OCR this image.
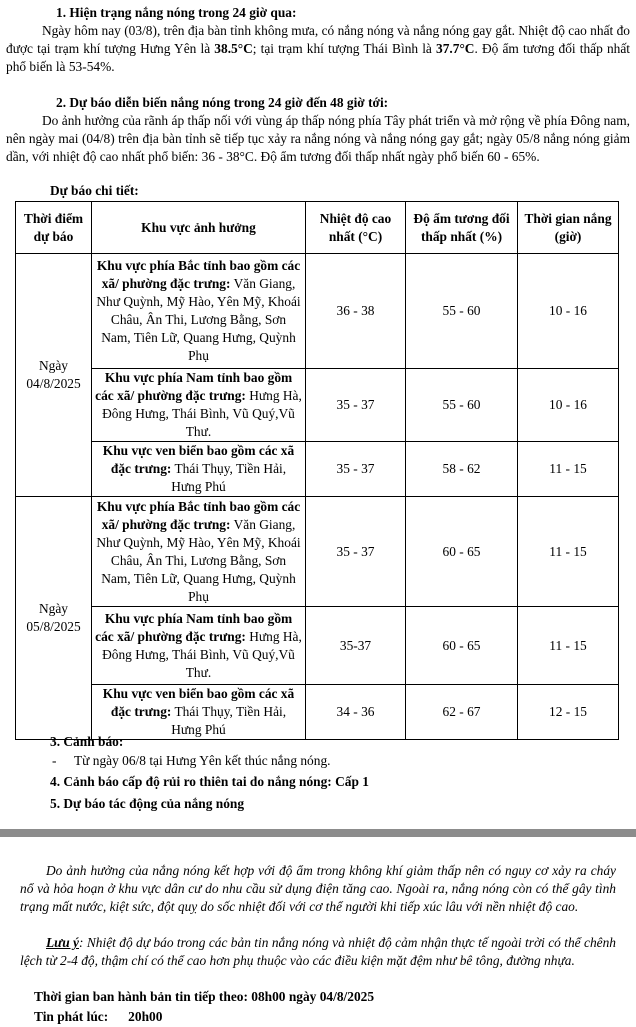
1. Hiện trạng nắng nóng trong 24 giờ qua:
Ngày hôm nay (03/8), trên địa bàn tỉnh không mưa, có nắng nóng và nắng nóng gay gắt. Nhiệt độ cao nhất đo được tại trạm khí tượng Hưng Yên là 38.5°C; tại trạm khí tượng Thái Bình là 37.7°C. Độ ẩm tương đối thấp nhất phổ biến là 53-54%.
2. Dự báo diễn biến nắng nóng trong 24 giờ đến 48 giờ tới:
Do ảnh hưởng của rãnh áp thấp nối với vùng áp thấp nóng phía Tây phát triển và mở rộng về phía Đông nam, nên ngày mai (04/8) trên địa bàn tỉnh sẽ tiếp tục xảy ra nắng nóng và nắng nóng gay gắt; ngày 05/8 nắng nóng giảm dần, với nhiệt độ cao nhất phổ biến: 36 - 38°C. Độ ẩm tương đối thấp nhất ngày phổ biến 60 - 65%.
Dự báo chi tiết:
Thời điểm dự báo	Khu vực ảnh hưởng	Nhiệt độ cao nhất (°C)	Độ ẩm tương đối thấp nhất (%)	Thời gian nắng (giờ)
Ngày 04/8/2025	Khu vực phía Bắc tỉnh bao gồm các xã/ phường đặc trưng: Văn Giang, Như Quỳnh, Mỹ Hào, Yên Mỹ, Khoái Châu, Ân Thi, Lương Bằng, Sơn Nam, Tiên Lữ, Quang Hưng, Quỳnh Phụ	36 - 38	55 - 60	10 - 16
	Khu vực phía Nam tỉnh bao gồm các xã/ phường đặc trưng: Hưng Hà, Đông Hưng, Thái Bình, Vũ Quý,Vũ Thư.	35 - 37	55 - 60	10 - 16
	Khu vực ven biển bao gồm các xã đặc trưng: Thái Thụy, Tiền Hải, Hưng Phú	35 - 37	58 - 62	11 - 15
Ngày 05/8/2025	Khu vực phía Bắc tỉnh bao gồm các xã/ phường đặc trưng: Văn Giang, Như Quỳnh, Mỹ Hào, Yên Mỹ, Khoái Châu, Ân Thi, Lương Bằng, Sơn Nam, Tiên Lữ, Quang Hưng, Quỳnh Phụ	35 - 37	60 - 65	11 - 15
	Khu vực phía Nam tỉnh bao gồm các xã/ phường đặc trưng: Hưng Hà, Đông Hưng, Thái Bình, Vũ Quý,Vũ Thư.	35-37	60 - 65	11 - 15
	Khu vực ven biển bao gồm các xã đặc trưng: Thái Thụy, Tiền Hải, Hưng Phú	34 - 36	62 - 67	12 - 15
3. Cảnh báo:
- Từ ngày 06/8 tại Hưng Yên kết thúc nắng nóng.
4. Cảnh báo cấp độ rủi ro thiên tai do nắng nóng: Cấp 1
5. Dự báo tác động của nắng nóng
Do ảnh hưởng của nắng nóng kết hợp với độ ẩm trong không khí giảm thấp nên có nguy cơ xảy ra cháy nổ và hỏa hoạn ở khu vực dân cư do nhu cầu sử dụng điện tăng cao. Ngoài ra, nắng nóng còn có thể gây tình trạng mất nước, kiệt sức, đột quỵ do sốc nhiệt đối với cơ thể người khi tiếp xúc lâu với nền nhiệt độ cao.
Lưu ý: Nhiệt độ dự báo trong các bản tin nắng nóng và nhiệt độ cảm nhận thực tế ngoài trời có thể chênh lệch từ 2-4 độ, thậm chí có thể cao hơn phụ thuộc vào các điều kiện mặt đệm như bê tông, đường nhựa.
Thời gian ban hành bản tin tiếp theo: 08h00 ngày 04/8/2025
Tin phát lúc: 20h00
